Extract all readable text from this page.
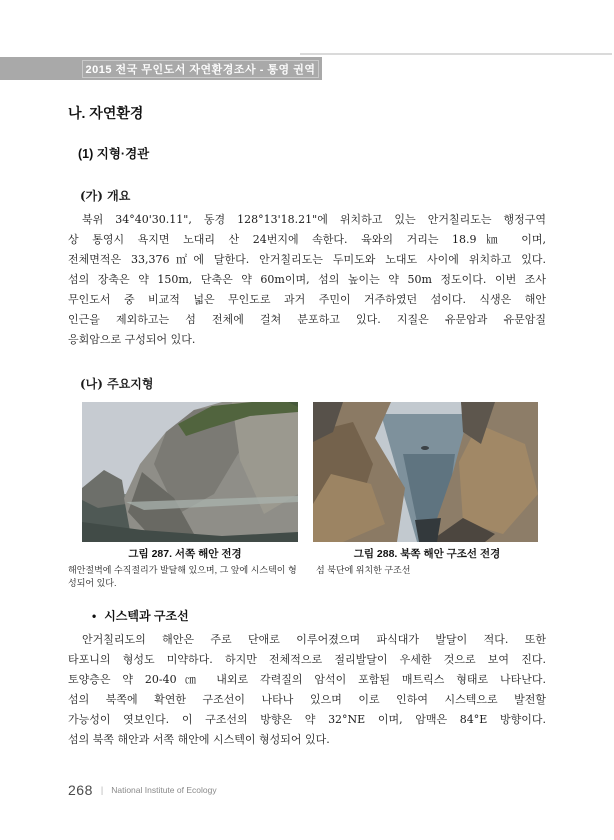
2015 전국 무인도서 자연환경조사 - 통영 권역
나. 자연환경
(1) 지형·경관
(가) 개요
북위 34°40'30.11", 동경 128°13'18.21"에 위치하고 있는 안거칠리도는 행정구역
상 통영시 욕지면 노대리 산 24번지에 속한다. 육와의 거리는 18.9㎞ 이며,
전체면적은 33,376㎡에 달한다. 안거칠리도는 두미도와 노대도 사이에 위치하고 있다.
섬의 장축은 약 150m, 단축은 약 60m이며, 섬의 높이는 약 50m 정도이다. 이번 조사
무인도서 중 비교적 넓은 무인도로 과거 주민이 거주하였던 섬이다. 식생은 해안
인근을 제외하고는 섬 전체에 걸쳐 분포하고 있다. 지질은 유문암과 유문암질
응회암으로 구성되어 있다.
(나) 주요지형
그림 287. 서쪽 해안 전경
해안절벽에 수직절리가 발달해 있으며, 그 앞에 시스텍이 형성되어 있다.
그림 288. 북쪽 해안 구조선 전경
섬 북단에 위치한 구조선
• 시스텍과 구조선
안거칠리도의 해안은 주로 단애로 이루어졌으며 파식대가 발달이 적다. 또한
타포니의 형성도 미약하다. 하지만 전체적으로 절리발달이 우세한 것으로 보여 진다.
토양층은 약 20-40㎝ 내외로 각력질의 암석이 포함된 매트릭스 형태로 나타난다.
섬의 북쪽에 확연한 구조선이 나타나 있으며 이로 인하여 시스텍으로 발전할
가능성이 엿보인다. 이 구조선의 방향은 약 32°NE 이며, 암맥은 84°E 방향이다.
섬의 북쪽 해안과 서쪽 해안에 시스텍이 형성되어 있다.
268 | National Institute of Ecology
